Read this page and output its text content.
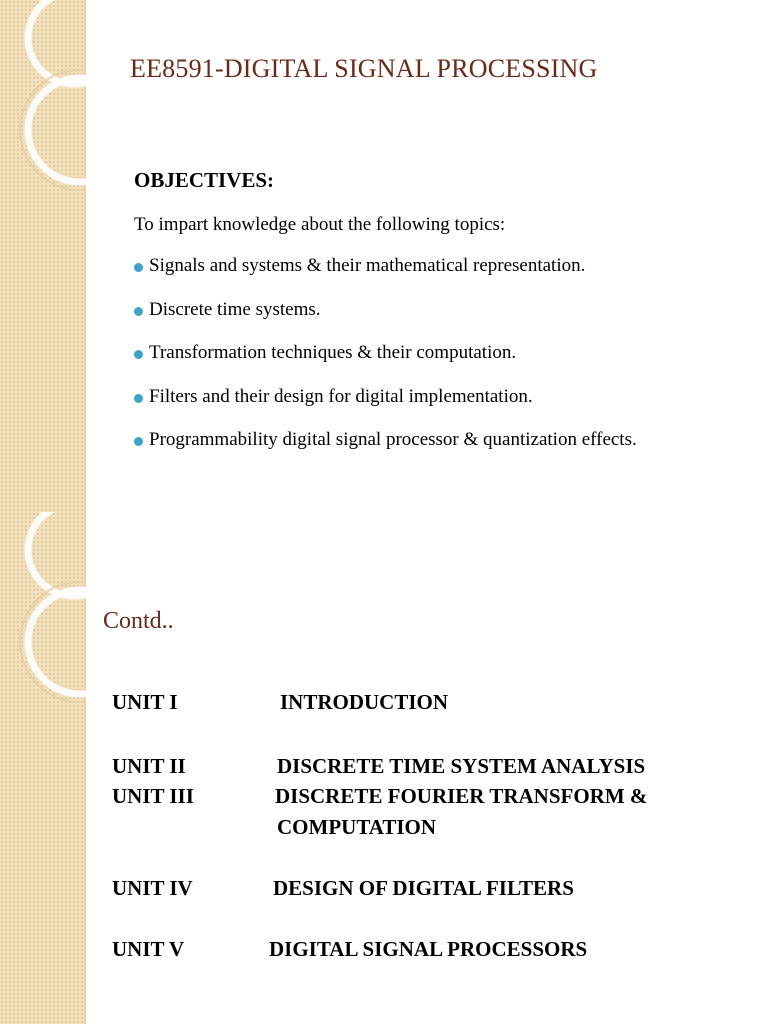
EE8591-DIGITAL SIGNAL PROCESSING
OBJECTIVES:
To impart knowledge about the following topics:
Signals and systems & their mathematical representation.
Discrete time systems.
Transformation techniques & their computation.
Filters and their design for digital implementation.
Programmability digital signal processor & quantization effects.
Contd..
UNIT I	INTRODUCTION
UNIT II	DISCRETE TIME SYSTEM ANALYSIS
UNIT III	DISCRETE FOURIER TRANSFORM &
COMPUTATION
UNIT IV	DESIGN OF DIGITAL FILTERS
UNIT V	DIGITAL SIGNAL PROCESSORS
